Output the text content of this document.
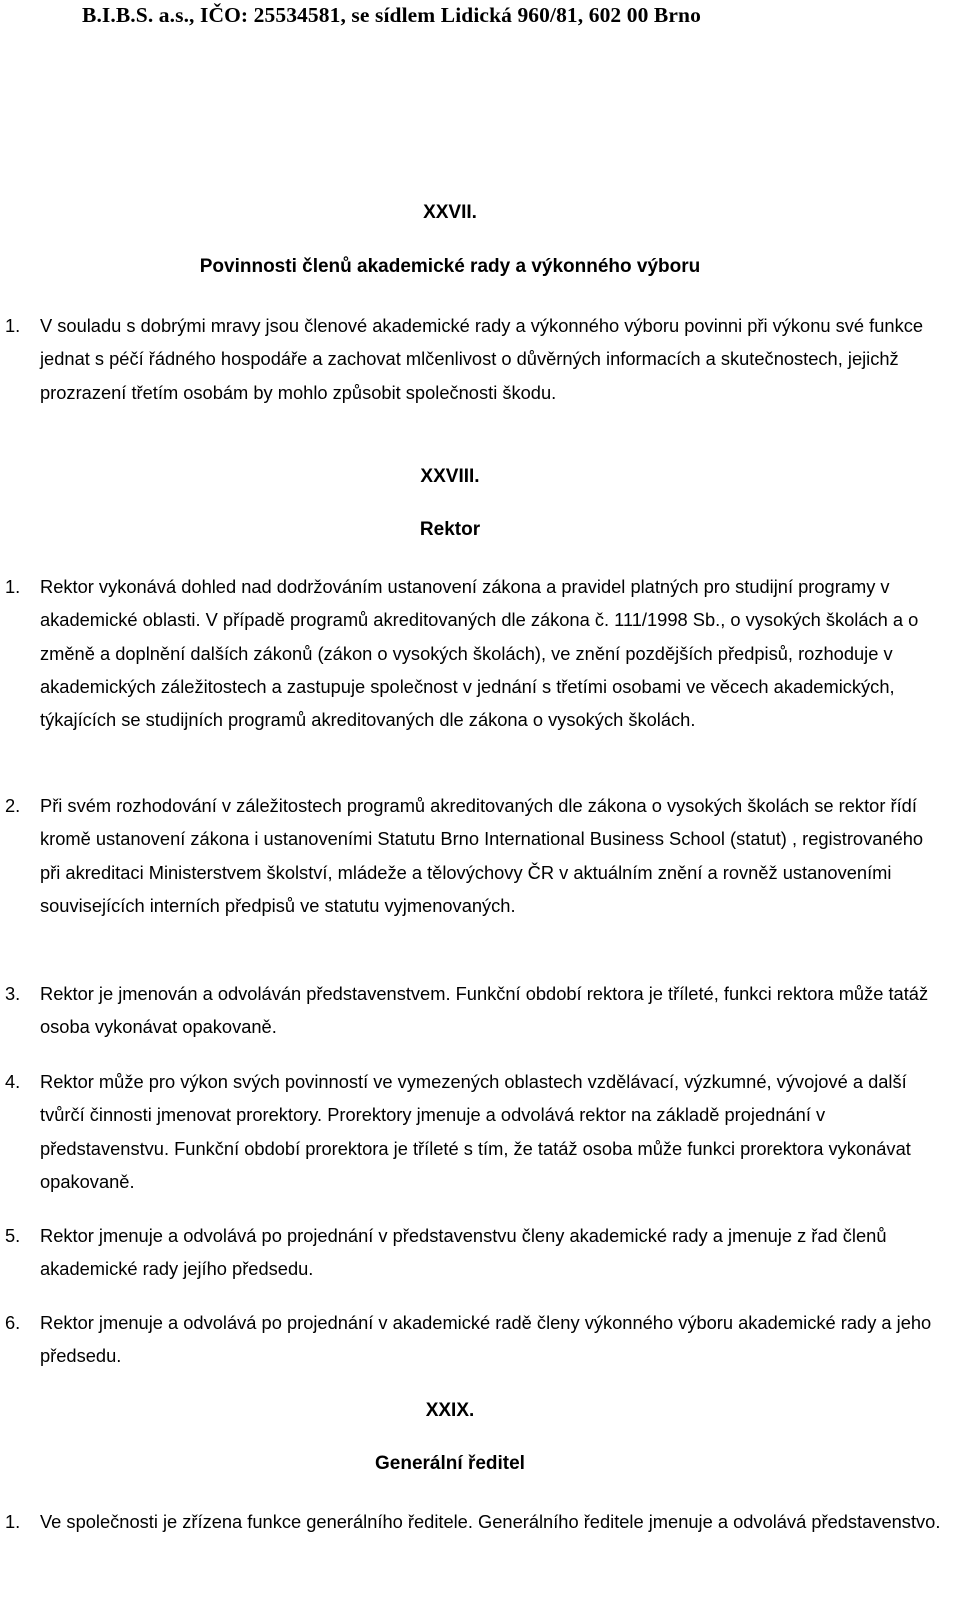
B.I.B.S. a.s., IČO: 25534581, se sídlem Lidická 960/81, 602 00 Brno
XXVII.
Povinnosti členů akademické rady a výkonného výboru
1. V souladu s dobrými mravy jsou členové akademické rady a výkonného výboru povinni při výkonu své funkce jednat s péčí řádného hospodáře a zachovat mlčenlivost o důvěrných informacích a skutečnostech, jejichž prozrazení třetím osobám by mohlo způsobit společnosti škodu.
XXVIII.
Rektor
1. Rektor vykonává dohled nad dodržováním ustanovení zákona a pravidel platných pro studijní programy v akademické oblasti. V případě programů akreditovaných dle zákona č. 111/1998 Sb., o vysokých školách a o změně a doplnění dalších zákonů (zákon o vysokých školách), ve znění pozdějších předpisů, rozhoduje v akademických záležitostech a zastupuje společnost v jednání s třetími osobami ve věcech akademických, týkajících se studijních programů akreditovaných dle zákona o vysokých školách.
2. Při svém rozhodování v záležitostech programů akreditovaných dle zákona o vysokých školách se rektor řídí kromě ustanovení zákona i ustanoveními Statutu Brno International Business School (statut) , registrovaného při akreditaci Ministerstvem školství, mládeže a tělovýchovy ČR v aktuálním znění a rovněž ustanoveními souvisejících interních předpisů ve statutu vyjmenovaných.
3. Rektor je jmenován a odvoláván představenstvem. Funkční období rektora je tříleté, funkci rektora může tatáž osoba vykonávat opakovaně.
4. Rektor může pro výkon svých povinností ve vymezených oblastech vzdělávací, výzkumné, vývojové a další tvůrčí činnosti jmenovat prorektory. Prorektory jmenuje a odvolává rektor na základě projednání v představenstvu. Funkční období prorektora je tříleté s tím, že tatáž osoba může funkci prorektora vykonávat opakovaně.
5. Rektor jmenuje a odvolává po projednání v představenstvu členy akademické rady a jmenuje z řad členů akademické rady jejího předsedu.
6. Rektor jmenuje a odvolává po projednání v akademické radě členy výkonného výboru akademické rady a jeho předsedu.
XXIX.
Generální ředitel
1. Ve společnosti je zřízena funkce generálního ředitele. Generálního ředitele jmenuje a odvolává představenstvo.
